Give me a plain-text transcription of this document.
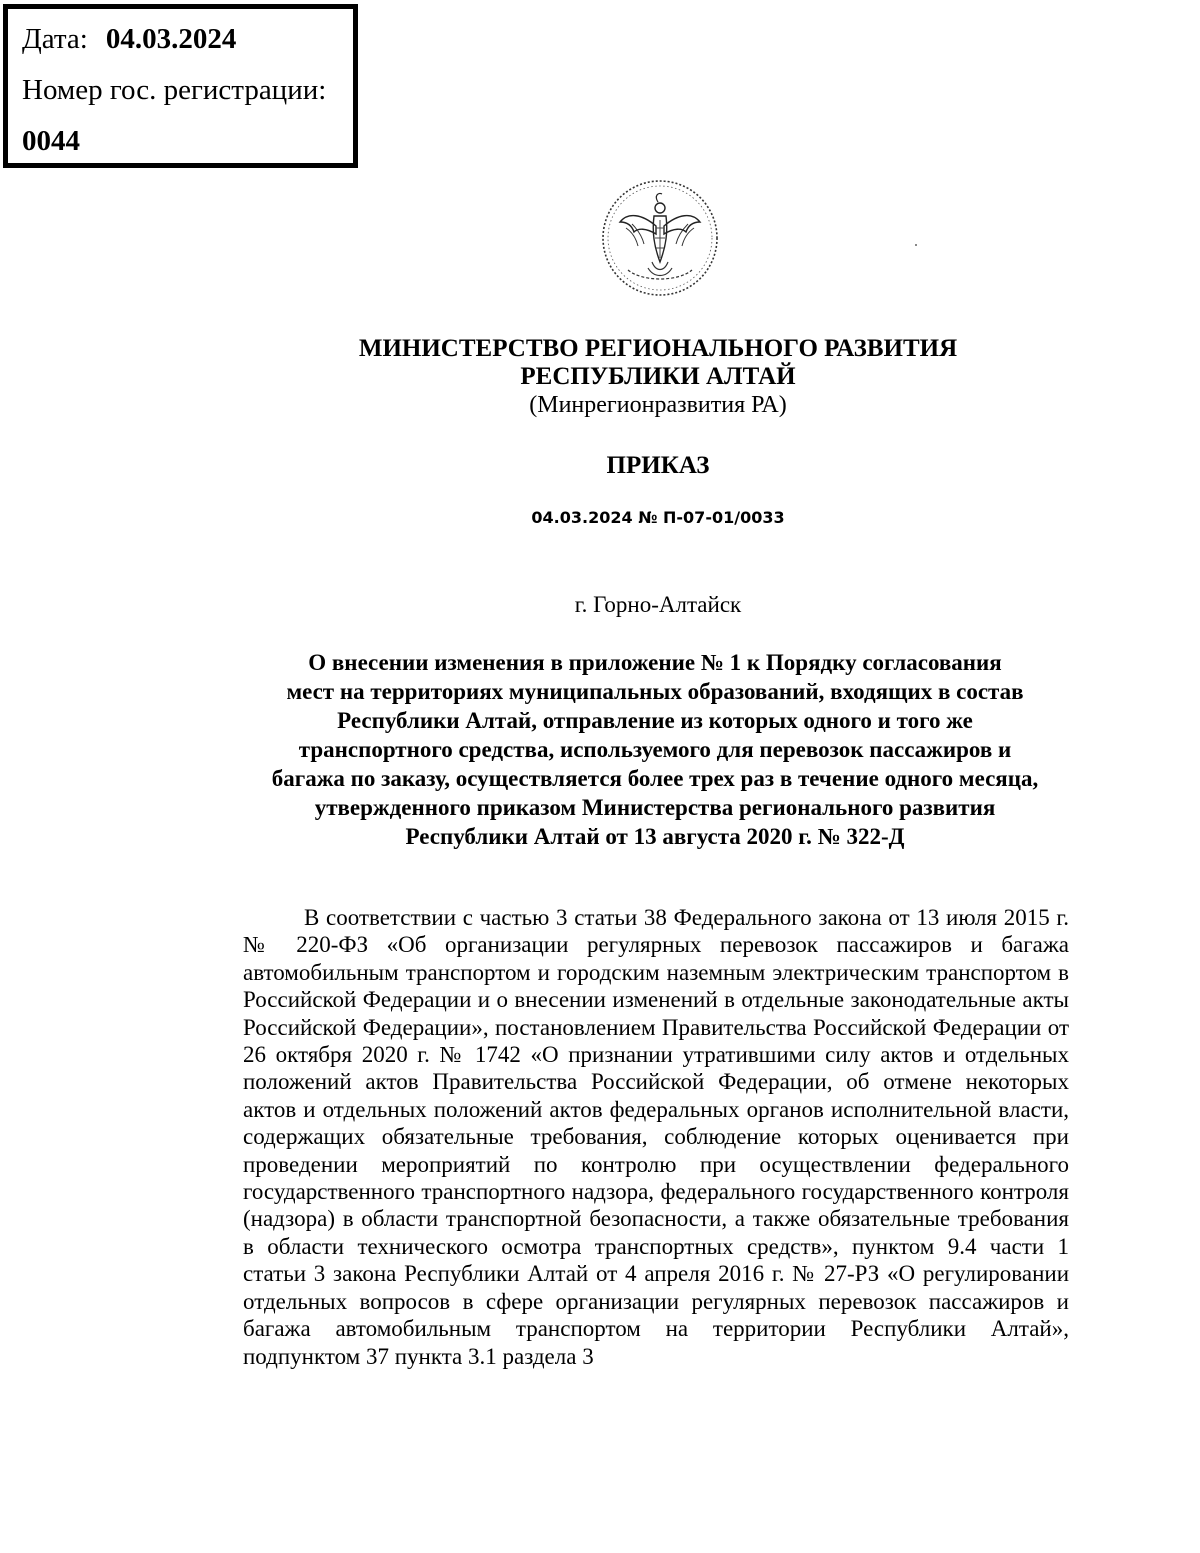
Дата: 04.03.2024
Номер гос. регистрации:
0044
МИНИСТЕРСТВО РЕГИОНАЛЬНОГО РАЗВИТИЯ
РЕСПУБЛИКИ АЛТАЙ
(Минрегионразвития РА)
ПРИКАЗ
04.03.2024 № П-07-01/0033
г. Горно-Алтайск
О внесении изменения в приложение № 1 к Порядку согласования
мест на территориях муниципальных образований, входящих в состав
Республики Алтай, отправление из которых одного и того же
транспортного средства, используемого для перевозок пассажиров и
багажа по заказу, осуществляется более трех раз в течение одного месяца,
утвержденного приказом Министерства регионального развития
Республики Алтай от 13 августа 2020 г. № 322-Д

В соответствии с частью 3 статьи 38 Федерального закона от 13 июля 2015 г. № 220-ФЗ «Об организации регулярных перевозок пассажиров и багажа автомобильным транспортом и городским наземным электрическим транспортом в Российской Федерации и о внесении изменений в отдельные законодательные акты Российской Федерации», постановлением Правительства Российской Федерации от 26 октября 2020 г. № 1742 «О признании утратившими силу актов и отдельных положений актов Правительства Российской Федерации, об отмене некоторых актов и отдельных положений актов федеральных органов исполнительной власти, содержащих обязательные требования, соблюдение которых оценивается при проведении мероприятий по контролю при осуществлении федерального государственного транспортного надзора, федерального государственного контроля (надзора) в области транспортной безопасности, а также обязательные требования в области технического осмотра транспортных средств», пунктом 9.4 части 1 статьи 3 закона Республики Алтай от 4 апреля 2016 г. № 27-РЗ «О регулировании отдельных вопросов в сфере организации регулярных перевозок пассажиров и багажа автомобильным транспортом на территории Республики Алтай», подпунктом 37 пункта 3.1 раздела 3
